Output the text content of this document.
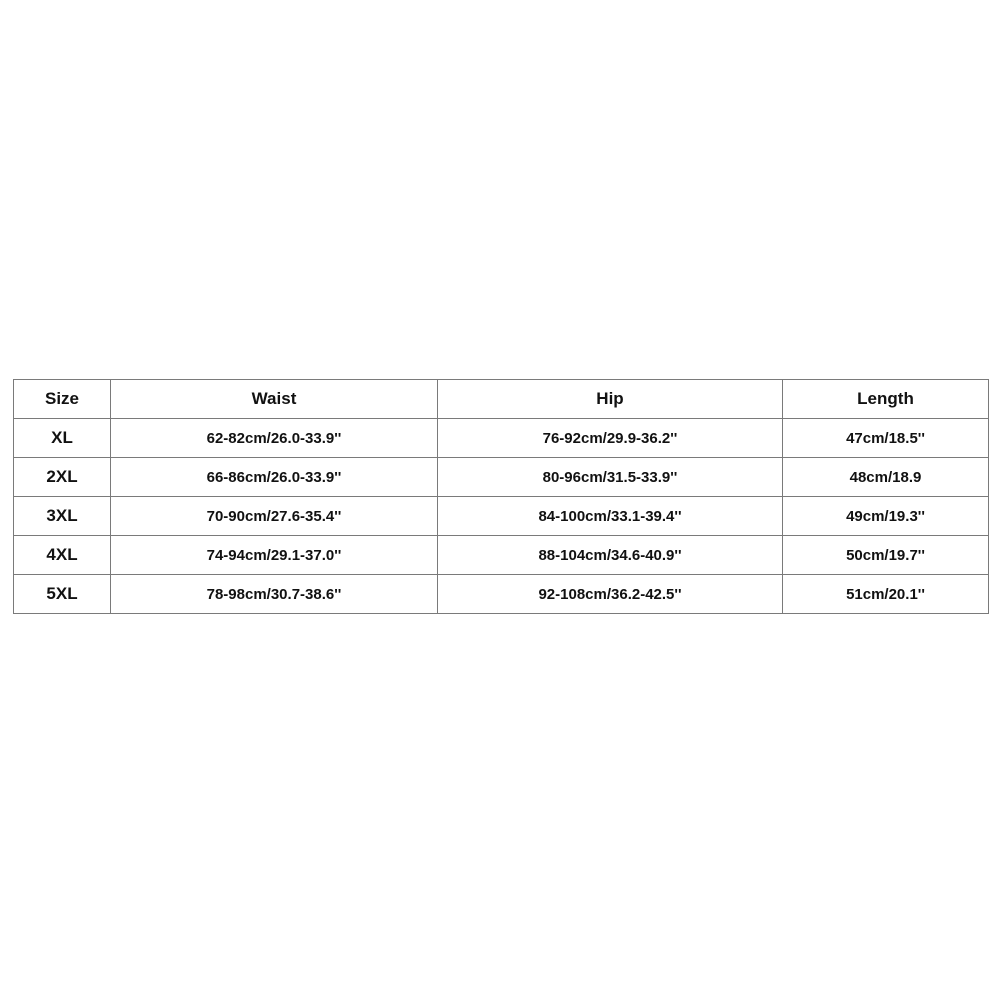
Size	Waist	Hip	Length
XL	62-82cm/26.0-33.9''	76-92cm/29.9-36.2''	47cm/18.5''
2XL	66-86cm/26.0-33.9''	80-96cm/31.5-33.9''	48cm/18.9
3XL	70-90cm/27.6-35.4''	84-100cm/33.1-39.4''	49cm/19.3''
4XL	74-94cm/29.1-37.0''	88-104cm/34.6-40.9''	50cm/19.7''
5XL	78-98cm/30.7-38.6''	92-108cm/36.2-42.5''	51cm/20.1''
